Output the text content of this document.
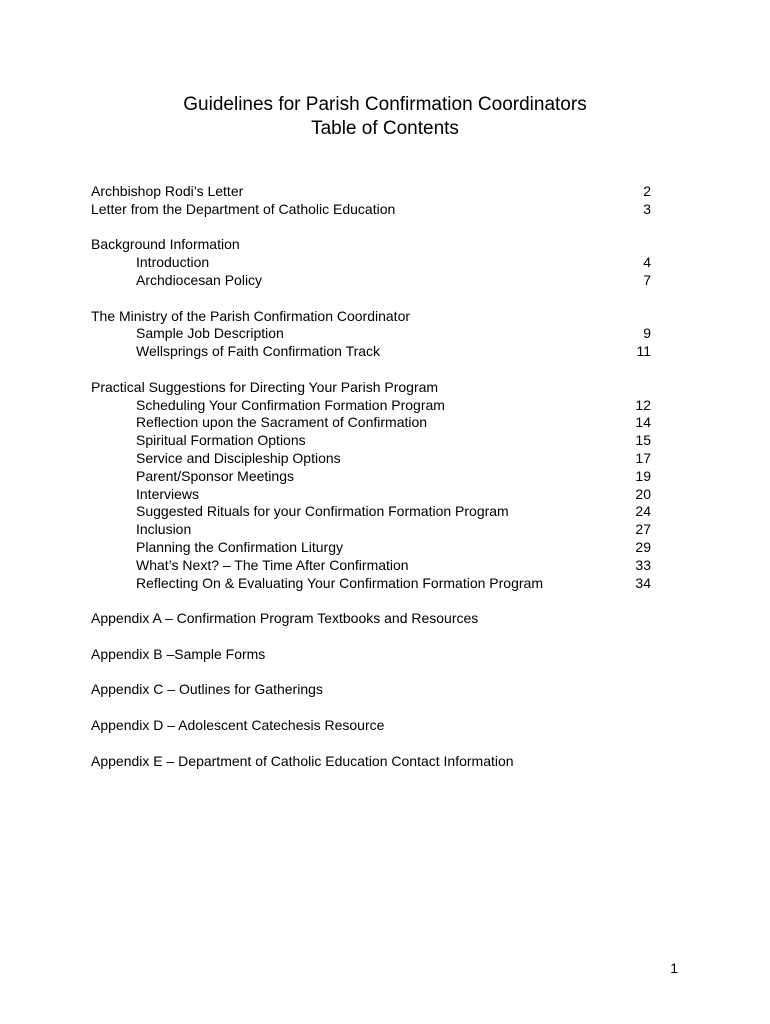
Guidelines for Parish Confirmation Coordinators
Table of Contents
Archbishop Rodi’s Letter	2
Letter from the Department of Catholic Education	3
Background Information
Introduction	4
Archdiocesan Policy	7
The Ministry of the Parish Confirmation Coordinator
Sample Job Description	9
Wellsprings of Faith Confirmation Track	11
Practical Suggestions for Directing Your Parish Program
Scheduling Your Confirmation Formation Program	12
Reflection upon the Sacrament of Confirmation	14
Spiritual Formation Options	15
Service and Discipleship Options	17
Parent/Sponsor Meetings	19
Interviews	20
Suggested Rituals for your Confirmation Formation Program	24
Inclusion	27
Planning the Confirmation Liturgy	29
What’s Next? – The Time After Confirmation	33
Reflecting On & Evaluating Your Confirmation Formation Program	34
Appendix A – Confirmation Program Textbooks and Resources
Appendix B –Sample Forms
Appendix C – Outlines for Gatherings
Appendix D – Adolescent Catechesis Resource
Appendix E – Department of Catholic Education Contact Information
1
